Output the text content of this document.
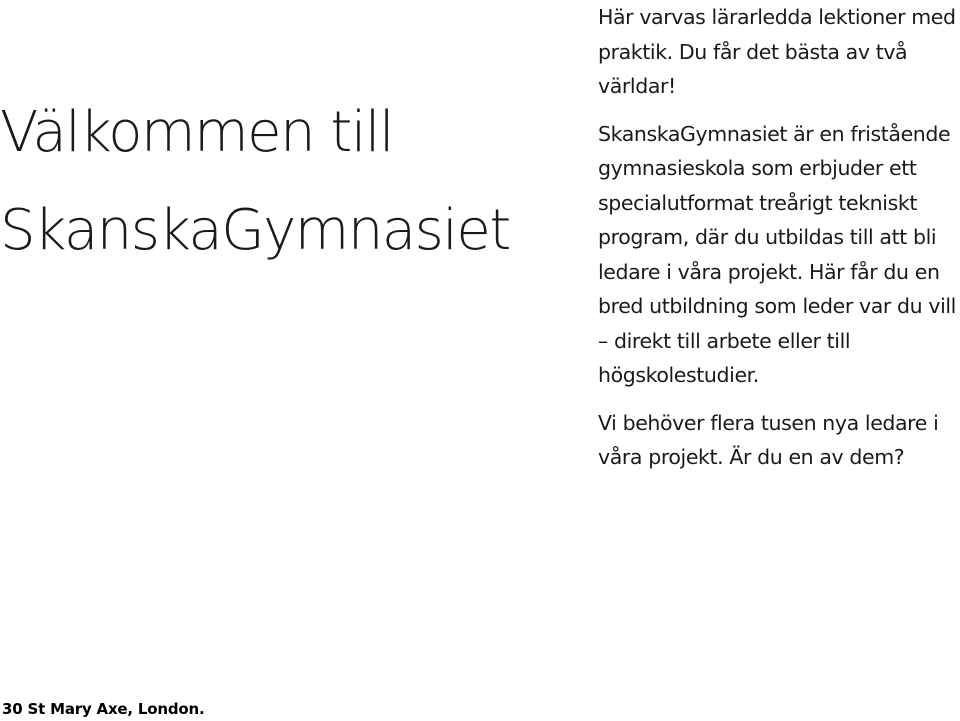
Välkommen till
SkanskaGymnasiet

Här varvas lärarledda lektioner med praktik. Du får det bästa av två världar!

SkanskaGymnasiet är en fristående gymnasieskola som erbjuder ett specialutformat treårigt tekniskt program, där du utbildas till att bli ledare i våra projekt. Här får du en bred utbildning som leder var du vill – direkt till arbete eller till högskolestudier.

Vi behöver flera tusen nya ledare i våra projekt. Är du en av dem?

30 St Mary Axe, London.
